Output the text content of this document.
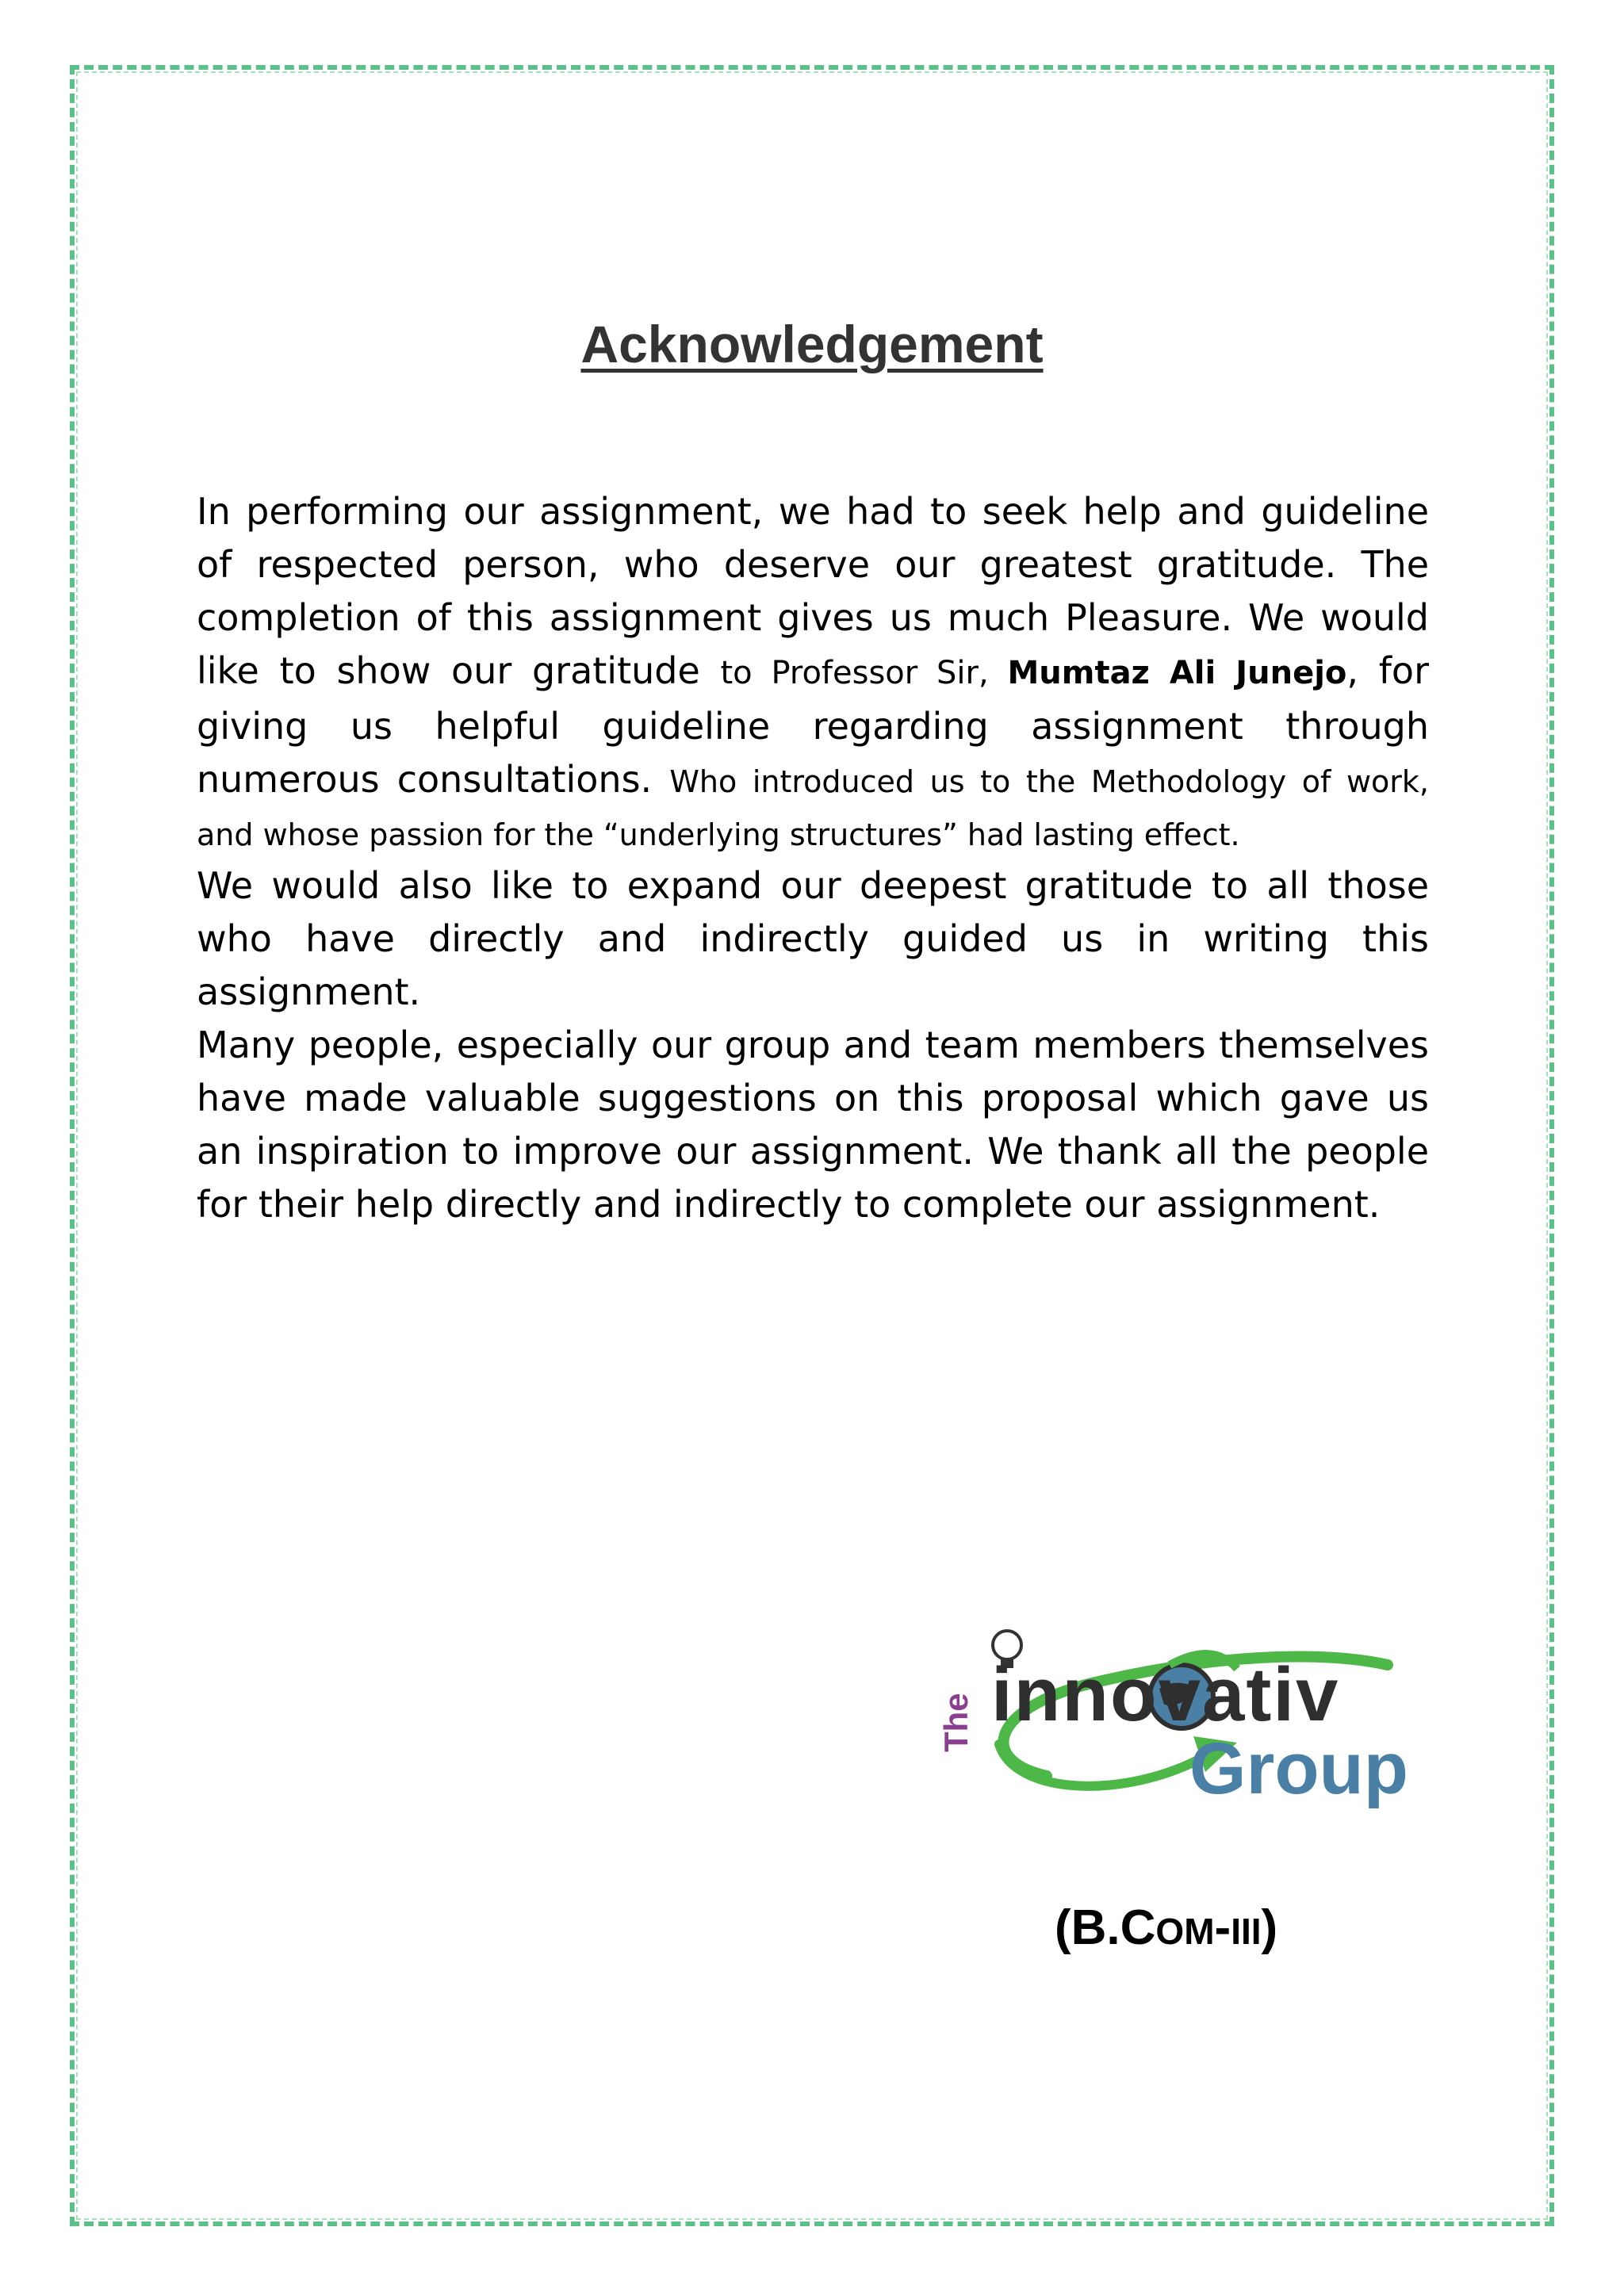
Acknowledgement

In performing our assignment, we had to seek help and guideline of respected person, who deserve our greatest gratitude. The completion of this assignment gives us much Pleasure. We would like to show our gratitude to Professor Sir, Mumtaz Ali Junejo, for giving us helpful guideline regarding assignment through numerous consultations. Who introduced us to the Methodology of work, and whose passion for the “underlying structures” had lasting effect.

We would also like to expand our deepest gratitude to all those who have directly and indirectly guided us in writing this assignment.

Many people, especially our group and team members themselves have made valuable suggestions on this proposal which gave us an inspiration to improve our assignment. We thank all the people for their help directly and indirectly to complete our assignment.

The innovativ
Group
(B.COM-III)
